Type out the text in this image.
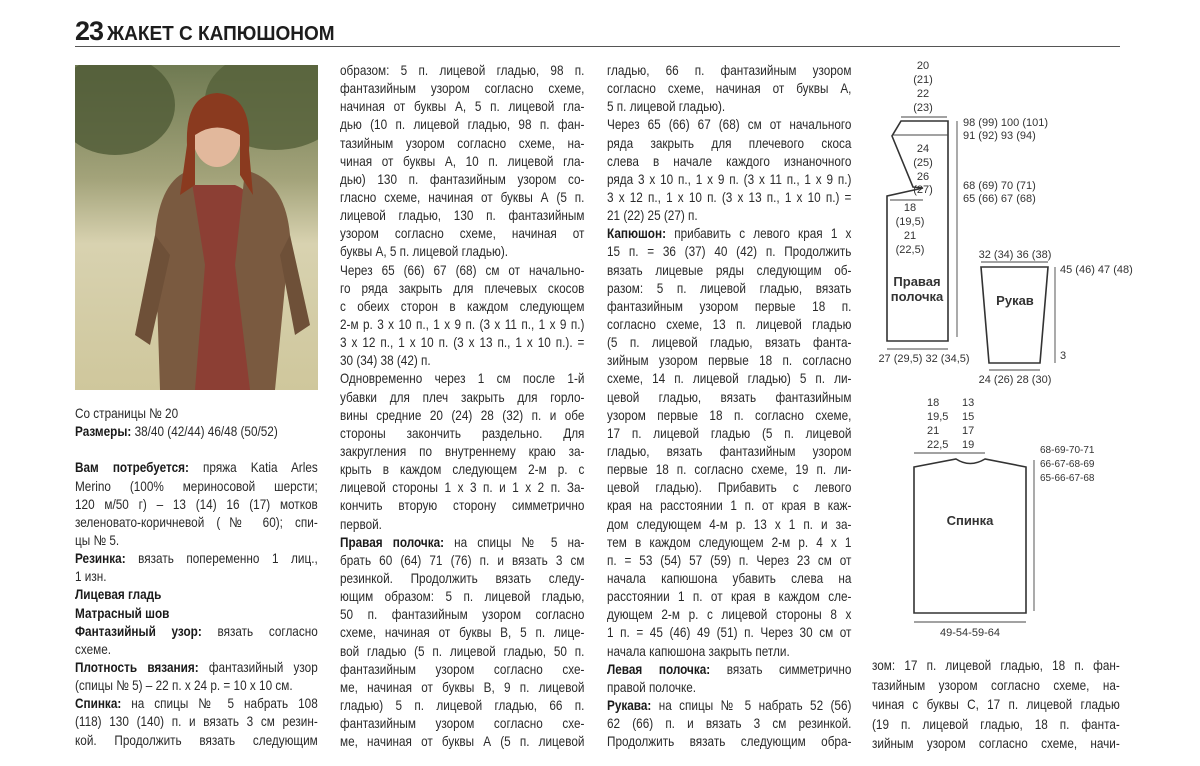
23 ЖАКЕТ С КАПЮШОНОМ
Со страницы № 20
Размеры: 38/40 (42/44) 46/48 (50/52)

Вам потребуется: пряжа Katia Arles
Merino (100% мериносовой шерсти;
120 м/50 г) – 13 (14) 16 (17) мотков
зеленовато-коричневой (№ 60); спи-
цы № 5.
Резинка: вязать попеременно 1 лиц.,
1 изн.
Лицевая гладь
Матрасный шов
Фантазийный узор: вязать согласно
схеме.
Плотность вязания: фантазийный узор
(спицы № 5) – 22 п. х 24 р. = 10 х 10 см.
Спинка: на спицы № 5 набрать 108
(118) 130 (140) п. и вязать 3 см резин-
кой. Продолжить вязать следующим
образом: 5 п. лицевой гладью, 98 п.
фантазийным узором согласно схеме,
начиная от буквы А, 5 п. лицевой гла-
дью (10 п. лицевой гладью, 98 п. фан-
тазийным узором согласно схеме, на-
чиная от буквы А, 10 п. лицевой гла-
дью) 130 п. фантазийным узором со-
гласно схеме, начиная от буквы А (5 п.
лицевой гладью, 130 п. фантазийным
узором согласно схеме, начиная от
буквы А, 5 п. лицевой гладью).
Через 65 (66) 67 (68) см от начально-
го ряда закрыть для плечевых скосов
с обеих сторон в каждом следующем
2-м р. 3 х 10 п., 1 х 9 п. (3 х 11 п., 1 х 9 п.)
3 х 12 п., 1 х 10 п. (3 х 13 п., 1 х 10 п.). =
30 (34) 38 (42) п.
Одновременно через 1 см после 1-й
убавки для плеч закрыть для горло-
вины средние 20 (24) 28 (32) п. и обе
стороны закончить раздельно. Для
закругления по внутреннему краю за-
крыть в каждом следующем 2-м р. с
лицевой стороны 1 х 3 п. и 1 х 2 п. За-
кончить вторую сторону симметрично
первой.
Правая полочка: на спицы № 5 на-
брать 60 (64) 71 (76) п. и вязать 3 см
резинкой. Продолжить вязать следу-
ющим образом: 5 п. лицевой гладью,
50 п. фантазийным узором согласно
схеме, начиная от буквы В, 5 п. лице-
вой гладью (5 п. лицевой гладью, 50 п.
фантазийным узором согласно схе-
ме, начиная от буквы В, 9 п. лицевой
гладью) 5 п. лицевой гладью, 66 п.
фантазийным узором согласно схе-
ме, начиная от буквы А (5 п. лицевой
гладью, 66 п. фантазийным узором
согласно схеме, начиная от буквы А,
5 п. лицевой гладью).
Через 65 (66) 67 (68) см от начального
ряда закрыть для плечевого скоса
слева в начале каждого изнаночного
ряда 3 х 10 п., 1 х 9 п. (3 х 11 п., 1 х 9 п.)
3 х 12 п., 1 х 10 п. (3 х 13 п., 1 х 10 п.) =
21 (22) 25 (27) п.
Капюшон: прибавить с левого края 1 х
15 п. = 36 (37) 40 (42) п. Продолжить
вязать лицевые ряды следующим об-
разом: 5 п. лицевой гладью, вязать
фантазийным узором первые 18 п.
согласно схеме, 13 п. лицевой гладью
(5 п. лицевой гладью, вязать фанта-
зийным узором первые 18 п. согласно
схеме, 14 п. лицевой гладью) 5 п. ли-
цевой гладью, вязать фантазийным
узором первые 18 п. согласно схеме,
17 п. лицевой гладью (5 п. лицевой
гладью, вязать фантазийным узором
первые 18 п. согласно схеме, 19 п. ли-
цевой гладью). Прибавить с левого
края на расстоянии 1 п. от края в каж-
дом следующем 4-м р. 13 х 1 п. и за-
тем в каждом следующем 2-м р. 4 х 1
п. = 53 (54) 57 (59) п. Через 23 см от
начала капюшона убавить слева на
расстоянии 1 п. от края в каждом сле-
дующем 2-м р. с лицевой стороны 8 х
1 п. = 45 (46) 49 (51) п. Через 30 см от
начала капюшона закрыть петли.
Левая полочка: вязать симметрично
правой полочке.
Рукава: на спицы № 5 набрать 52 (56)
62 (66) п. и вязать 3 см резинкой.
Продолжить вязать следующим обра-
зом: 17 п. лицевой гладью, 18 п. фан-
тазийным узором согласно схеме, на-
чиная с буквы С, 17 п. лицевой гладью
(19 п. лицевой гладью, 18 п. фанта-
зийным узором согласно схеме, начи-
20
(21)
22
(23)
24
(25)
26
(27)
18
(19,5)
21
(22,5)
Правая
полочка
27 (29,5) 32 (34,5)
32 (34) 36 (38)
Рукав
24 (26) 28 (30)
Спинка
49-54-59-64
98 (99) 100 (101)
91 (92) 93 (94)
68 (69) 70 (71)
65 (66) 67 (68)
45 (46) 47 (48)
3
18
19,5
21
22,5
13
15
17
19	68-69-70-71
66-67-68-69
65-66-67-68
